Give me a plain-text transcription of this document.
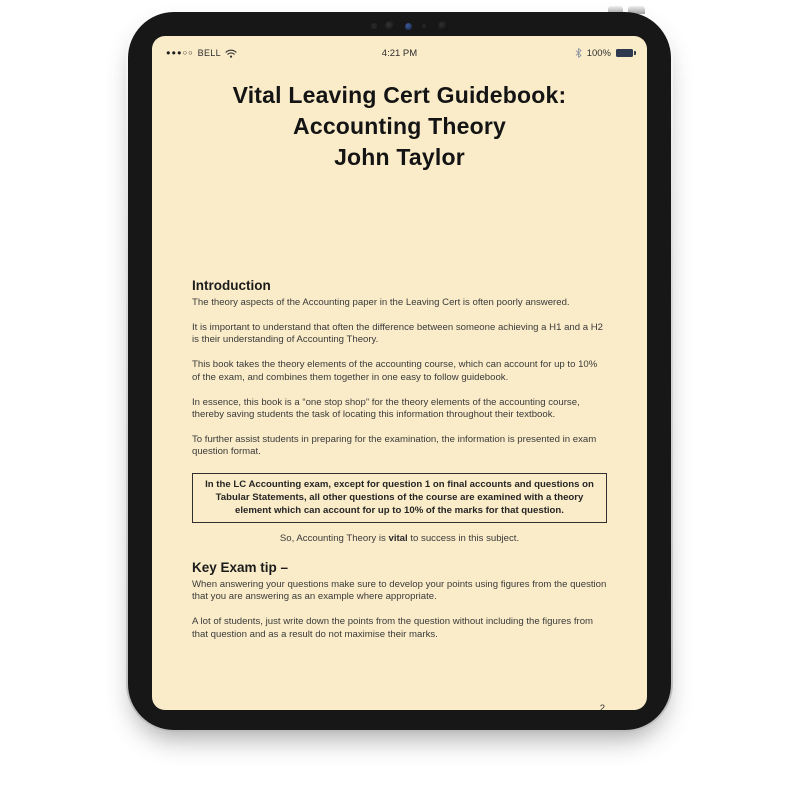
●●●○○ BELL	4:21 PM	100%
Vital Leaving Cert Guidebook:
Accounting Theory
John Taylor
Introduction

The theory aspects of the Accounting paper in the Leaving Cert is often poorly answered.

It is important to understand that often the difference between someone achieving a H1 and a H2 is their understanding of Accounting Theory.

This book takes the theory elements of the accounting course, which can account for up to 10% of the exam, and combines them together in one easy to follow guidebook.

In essence, this book is a “one stop shop” for the theory elements of the accounting course, thereby saving students the task of locating this information throughout their textbook.

To further assist students in preparing for the examination, the information is presented in exam question format.

In the LC Accounting exam, except for question 1 on final accounts and questions on Tabular Statements, all other questions of the course are examined with a theory element which can account for up to 10% of the marks for that question.

So, Accounting Theory is vital to success in this subject.

Key Exam tip –

When answering your questions make sure to develop your points using figures from the question that you are answering as an example where appropriate.

A lot of students, just write down the points from the question without including the figures from that question and as a result do not maximise their marks.

2
